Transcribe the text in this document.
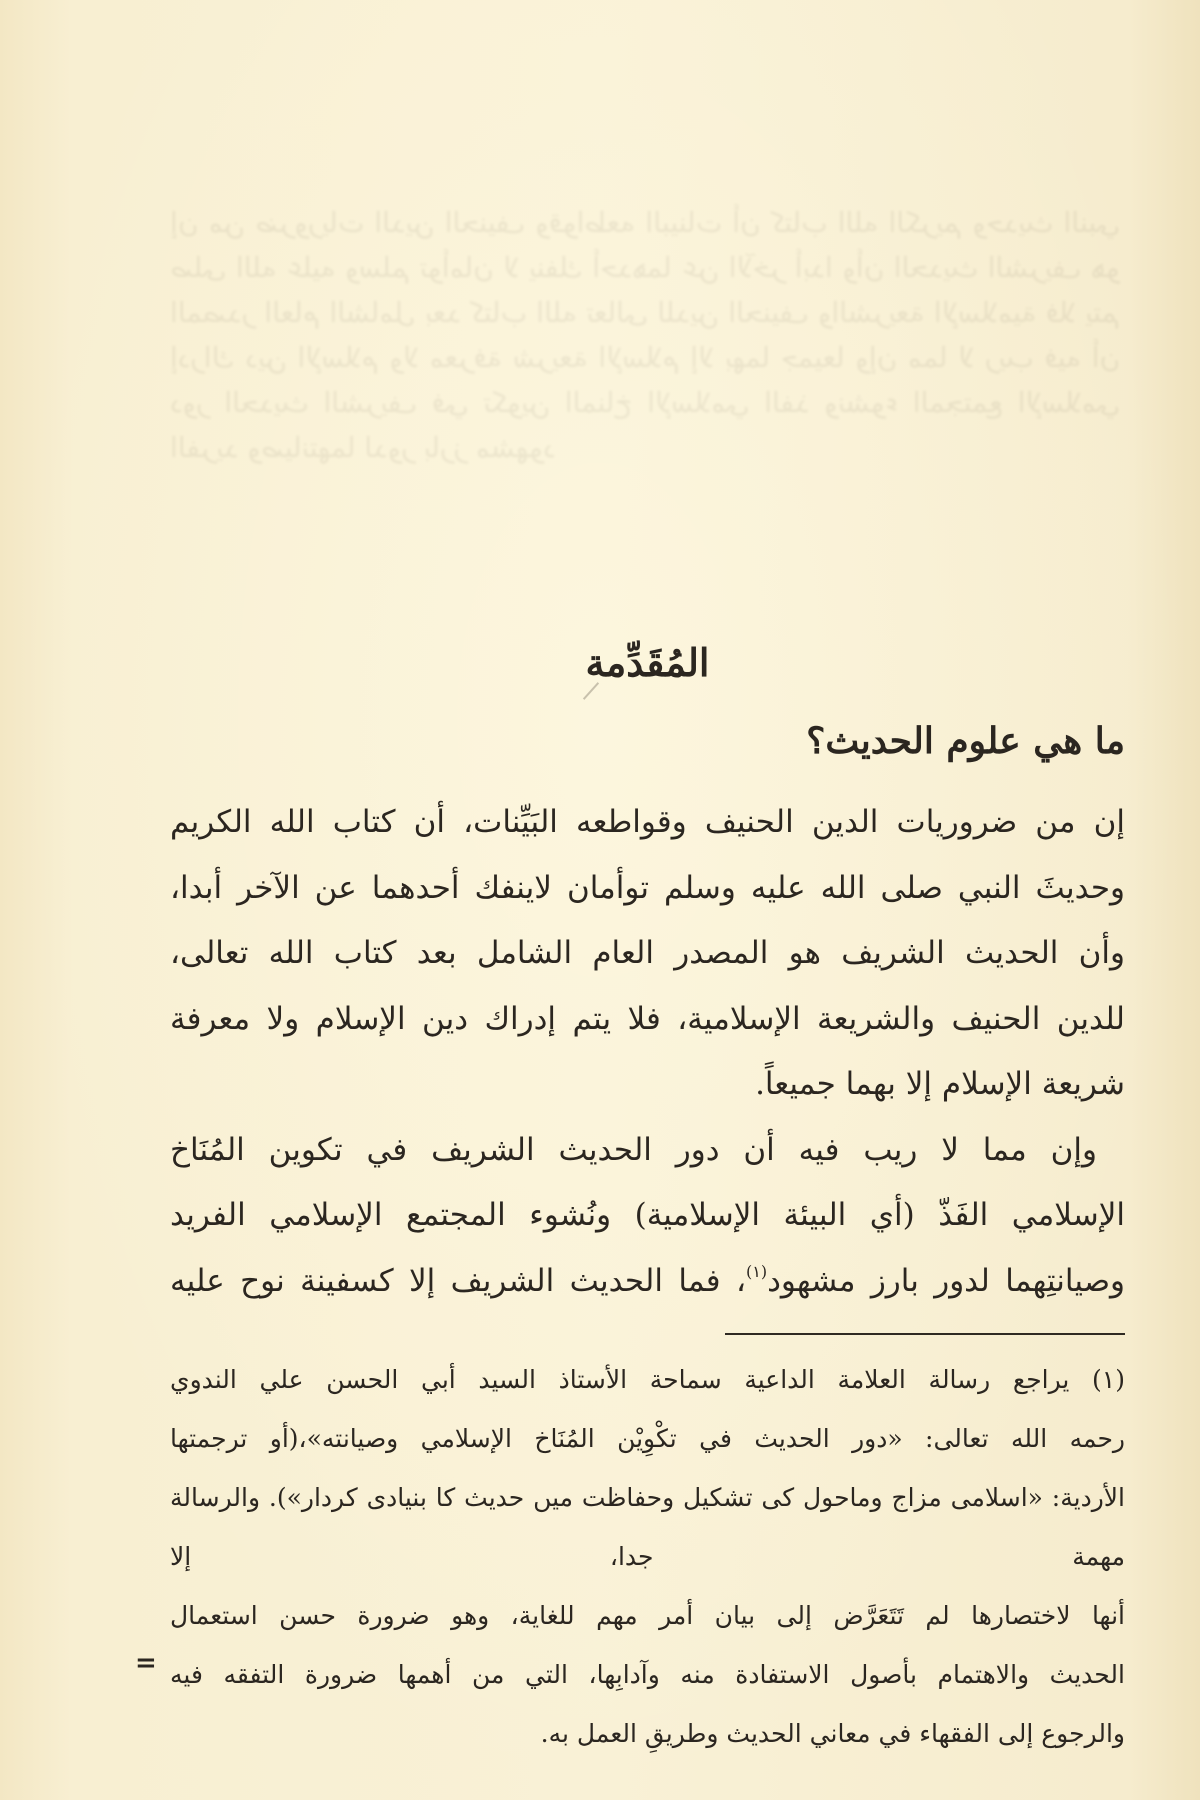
إن من ضروريات الدين الحنيف وقواطعه البينات أن كتاب الله الكريم وحديث النبي صلى الله عليه وسلم توأمان لا ينفك أحدهما عن الآخر أبدا وأن الحديث الشريف هو المصدر العام الشامل بعد كتاب الله تعالى للدين الحنيف والشريعة الإسلامية فلا يتم إدراك دين الإسلام ولا معرفة شريعة الإسلام إلا بهما جميعا وإن مما لا ريب فيه أن دور الحديث الشريف في تكوين المناخ الإسلامي الفذ ونشوء المجتمع الإسلامي الفريد وصيانتهما لدور بارز مشهود
المُقَدِّمة
ما هي علوم الحديث؟

إن من ضروريات الدين الحنيف وقواطعه البَيِّنات، أن كتاب الله الكريم
وحديثَ النبي صلى الله عليه وسلم توأمان لاينفك أحدهما عن الآخر أبدا،
وأن الحديث الشريف هو المصدر العام الشامل بعد كتاب الله تعالى،
للدين الحنيف والشريعة الإسلامية، فلا يتم إدراك دين الإسلام ولا معرفة
شريعة الإسلام إلا بهما جميعاً.

وإن مما لا ريب فيه أن دور الحديث الشريف في تكوين المُنَاخ
الإسلامي الفَذّ (أي البيئة الإسلامية) ونُشوء المجتمع الإسلامي الفريد
وصيانتِهما لدور بارز مشهود$^{(١)}$، فما الحديث الشريف إلا كسفينة نوح عليه

(١) يراجع رسالة العلامة الداعية سماحة الأستاذ السيد أبي الحسن علي الندوي
رحمه الله تعالى: «دور الحديث في تكْوِيْن المُنَاخ الإسلامي وصيانته»،(أو ترجمتها
الأردية: «اسلامی مزاج وماحول کی تشکیل وحفاظت میں حدیث کا بنیادی کردار»). والرسالة مهمة جدا، إلا
أنها لاختصارها لم تَتَعَرَّض إلى بيان أمر مهم للغاية، وهو ضرورة حسن استعمال
الحديث والاهتمام بأصول الاستفادة منه وآدابِها، التي من أهمها ضرورة التفقه فيه
والرجوع إلى الفقهاء في معاني الحديث وطريقِ العمل به.
=
